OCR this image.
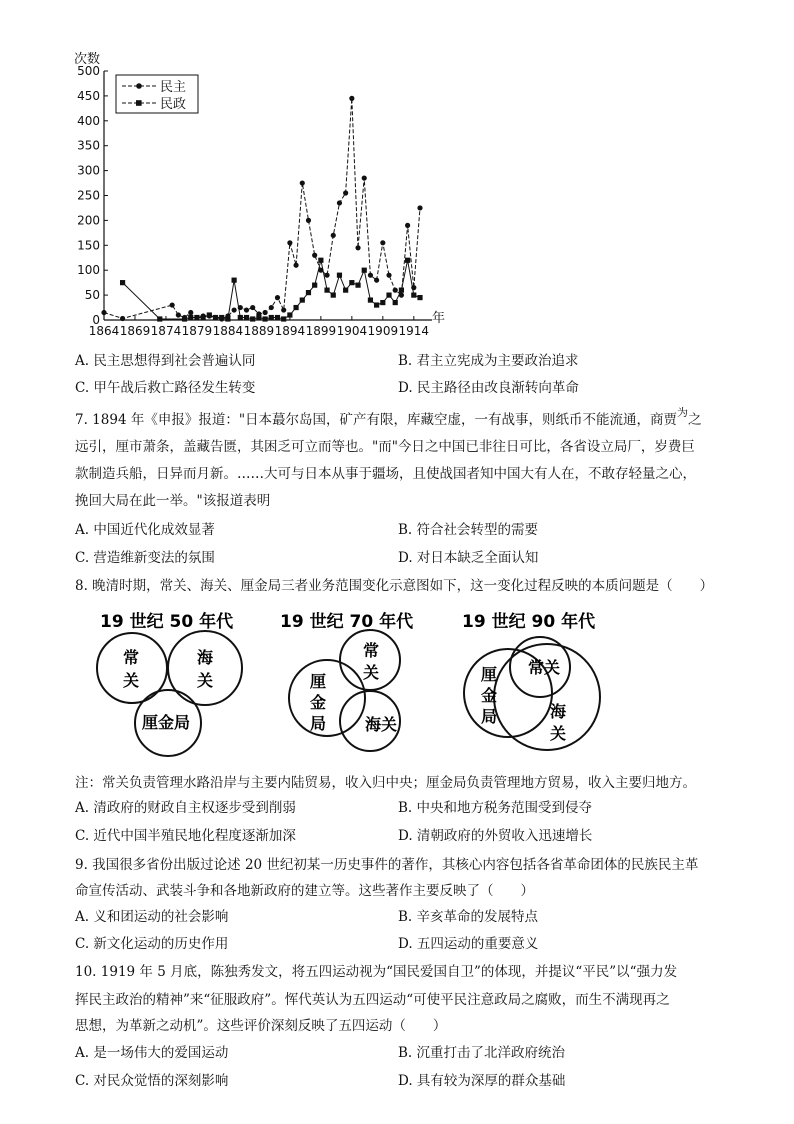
0
50
100
150
200
250
300
350
400
450
500
1864 1869 1874 1879 1884 1889 1894 1899 1904 1909 1914
次数
年
民主
民政
A. 民主思想得到社会普遍认同	B. 君主立宪成为主要政治追求
C. 甲午战后救亡路径发生转变	D. 民主路径由改良渐转向革命
7. 1894 年《申报》报道："日本蕞尔岛国，矿产有限，库藏空虚，一有战事，则纸币不能流通，商贾$^为$之
远引，厘市萧条，盖藏告匮，其困乏可立而等也。"而"今日之中国已非往日可比，各省设立局厂，岁费巨
款制造兵船，日异而月新。……大可与日本从事于疆场，且使战国者知中国大有人在，不敢存轻量之心，
挽回大局在此一举。"该报道表明
A. 中国近代化成效显著	B. 符合社会转型的需要
C. 营造维新变法的氛围	D. 对日本缺乏全面认知
8. 晚清时期，常关、海关、厘金局三者业务范围变化示意图如下，这一变化过程反映的本质问题是（　　）
19 世纪 50 年代
常
关
海
关
厘金局
19 世纪 70 年代
常
关
厘
金
局 海关
19 世纪 90 年代
常关
厘
金
局	海
关
注：常关负责管理水路沿岸与主要内陆贸易，收入归中央；厘金局负责管理地方贸易，收入主要归地方。
A. 清政府的财政自主权逐步受到削弱	B. 中央和地方税务范围受到侵夺
C. 近代中国半殖民地化程度逐渐加深	D. 清朝政府的外贸收入迅速增长
9. 我国很多省份出版过论述 20 世纪初某一历史事件的著作，其核心内容包括各省革命团体的民族民主革
命宣传活动、武装斗争和各地新政府的建立等。这些著作主要反映了（　　）
A. 义和团运动的社会影响	B. 辛亥革命的发展特点
C. 新文化运动的历史作用	D. 五四运动的重要意义
10. 1919 年 5 月底，陈独秀发文，将五四运动视为“国民爱国自卫”的体现，并提议“平民”以“强力发
挥民主政治的精神”来“征服政府”。恽代英认为五四运动“可使平民注意政局之腐败，而生不满现再之
思想，为革新之动机”。这些评价深刻反映了五四运动（　　）
A. 是一场伟大的爱国运动	B. 沉重打击了北洋政府统治
C. 对民众觉悟的深刻影响	D. 具有较为深厚的群众基础
